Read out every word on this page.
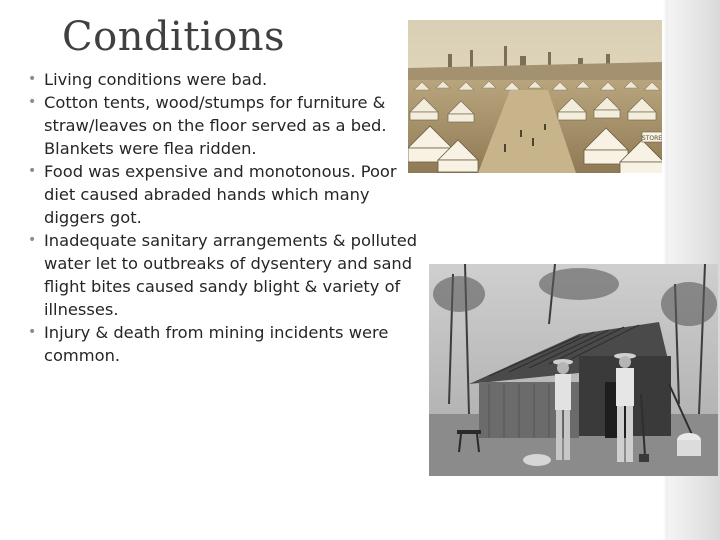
Conditions
• Living conditions were bad.
• Cotton tents, wood/stumps for furniture & straw/leaves on the floor served as a bed. Blankets were flea ridden.
• Food was expensive and monotonous. Poor diet caused abraded hands which many diggers got.
• Inadequate sanitary arrangements & polluted water let to outbreaks of dysentery and sand flight bites caused sandy blight & variety of illnesses.
• Injury & death from mining incidents were common.
STORE
